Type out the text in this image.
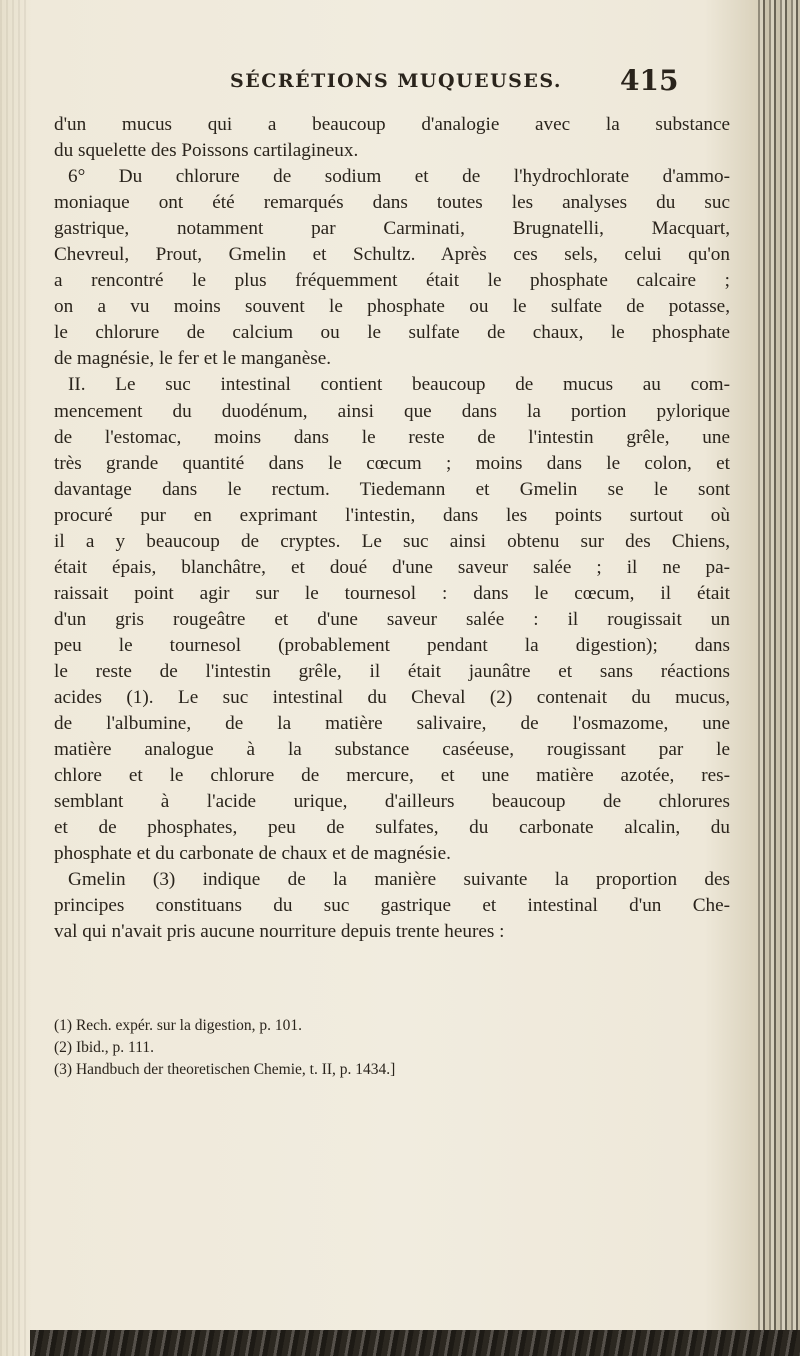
SÉCRÉTIONS MUQUEUSES. 415
d'un mucus qui a beaucoup d'analogie avec la substance
du squelette des Poissons cartilagineux.
6° Du chlorure de sodium et de l'hydrochlorate d'ammo-
moniaque ont été remarqués dans toutes les analyses du suc
gastrique, notamment par Carminati, Brugnatelli, Macquart,
Chevreul, Prout, Gmelin et Schultz. Après ces sels, celui qu'on
a rencontré le plus fréquemment était le phosphate calcaire ;
on a vu moins souvent le phosphate ou le sulfate de potasse,
le chlorure de calcium ou le sulfate de chaux, le phosphate
de magnésie, le fer et le manganèse.
II. Le suc intestinal contient beaucoup de mucus au com-
mencement du duodénum, ainsi que dans la portion pylorique
de l'estomac, moins dans le reste de l'intestin grêle, une
très grande quantité dans le cœcum ; moins dans le colon, et
davantage dans le rectum. Tiedemann et Gmelin se le sont
procuré pur en exprimant l'intestin, dans les points surtout où
il a y beaucoup de cryptes. Le suc ainsi obtenu sur des Chiens,
était épais, blanchâtre, et doué d'une saveur salée ; il ne pa-
raissait point agir sur le tournesol : dans le cœcum, il était
d'un gris rougeâtre et d'une saveur salée : il rougissait un
peu le tournesol (probablement pendant la digestion); dans
le reste de l'intestin grêle, il était jaunâtre et sans réactions
acides (1). Le suc intestinal du Cheval (2) contenait du mucus,
de l'albumine, de la matière salivaire, de l'osmazome, une
matière analogue à la substance caséeuse, rougissant par le
chlore et le chlorure de mercure, et une matière azotée, res-
semblant à l'acide urique, d'ailleurs beaucoup de chlorures
et de phosphates, peu de sulfates, du carbonate alcalin, du
phosphate et du carbonate de chaux et de magnésie.
Gmelin (3) indique de la manière suivante la proportion des
principes constituans du suc gastrique et intestinal d'un Che-
val qui n'avait pris aucune nourriture depuis trente heures :
(1) Rech. expér. sur la digestion, p. 101.
(2) Ibid., p. 111.
(3) Handbuch der theoretischen Chemie, t. II, p. 1434.]
